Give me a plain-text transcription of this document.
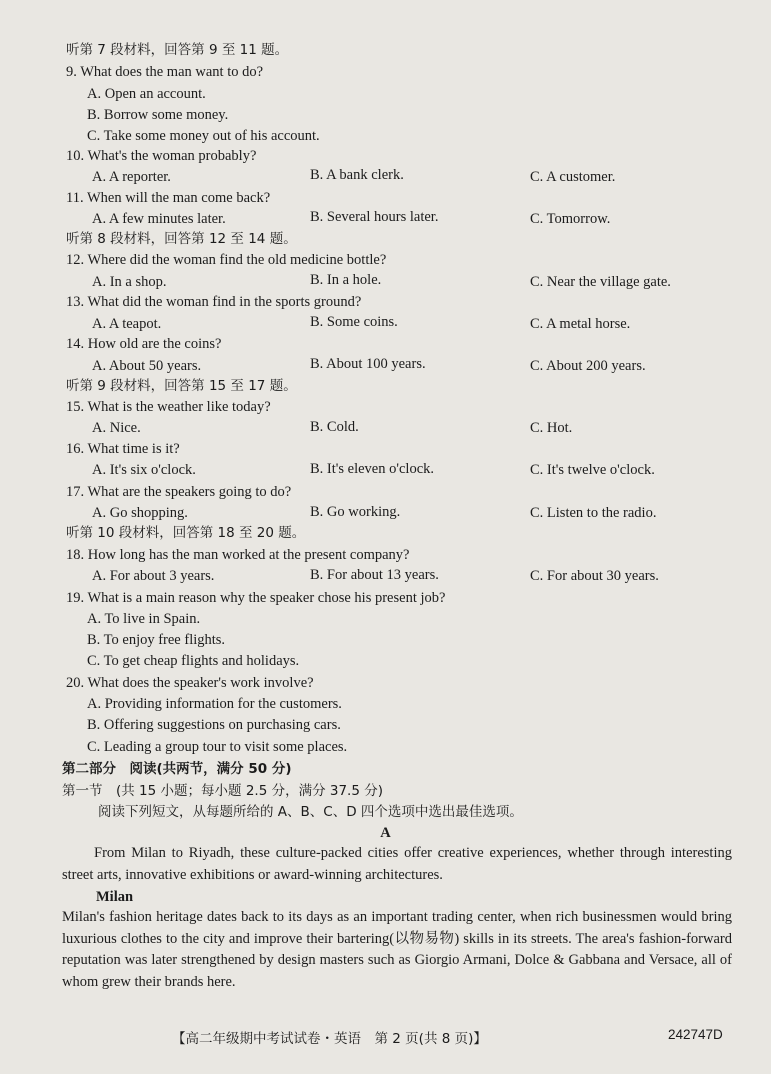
听第 7 段材料，回答第 9 至 11 题。
9. What does the man want to do?
A. Open an account.
B. Borrow some money.
C. Take some money out of his account.
10. What's the woman probably?
A. A reporter.	B. A bank clerk.	C. A customer.
11. When will the man come back?
A. A few minutes later.	B. Several hours later.	C. Tomorrow.
听第 8 段材料，回答第 12 至 14 题。
12. Where did the woman find the old medicine bottle?
A. In a shop.	B. In a hole.	C. Near the village gate.
13. What did the woman find in the sports ground?
A. A teapot.	B. Some coins.	C. A metal horse.
14. How old are the coins?
A. About 50 years.	B. About 100 years.	C. About 200 years.
听第 9 段材料，回答第 15 至 17 题。
15. What is the weather like today?
A. Nice.	B. Cold.	C. Hot.
16. What time is it?
A. It's six o'clock.	B. It's eleven o'clock.	C. It's twelve o'clock.
17. What are the speakers going to do?
A. Go shopping.	B. Go working.	C. Listen to the radio.
听第 10 段材料，回答第 18 至 20 题。
18. How long has the man worked at the present company?
A. For about 3 years.	B. For about 13 years.	C. For about 30 years.
19. What is a main reason why the speaker chose his present job?
A. To live in Spain.
B. To enjoy free flights.
C. To get cheap flights and holidays.
20. What does the speaker's work involve?
A. Providing information for the customers.
B. Offering suggestions on purchasing cars.
C. Leading a group tour to visit some places.
第二部分　阅读(共两节，满分 50 分)
第一节　(共 15 小题；每小题 2.5 分，满分 37.5 分)
阅读下列短文，从每题所给的 A、B、C、D 四个选项中选出最佳选项。
A
From Milan to Riyadh, these culture-packed cities offer creative experiences, whether through interesting street arts, innovative exhibitions or award-winning architectures.
Milan
Milan's fashion heritage dates back to its days as an important trading center, when rich businessmen would bring luxurious clothes to the city and improve their bartering(以物易物) skills in its streets. The area's fashion-forward reputation was later strengthened by design masters such as Giorgio Armani, Dolce & Gabbana and Versace, all of whom grew their brands here.
【高二年级期中考试试卷・英语　第 2 页(共 8 页)】	242747D
